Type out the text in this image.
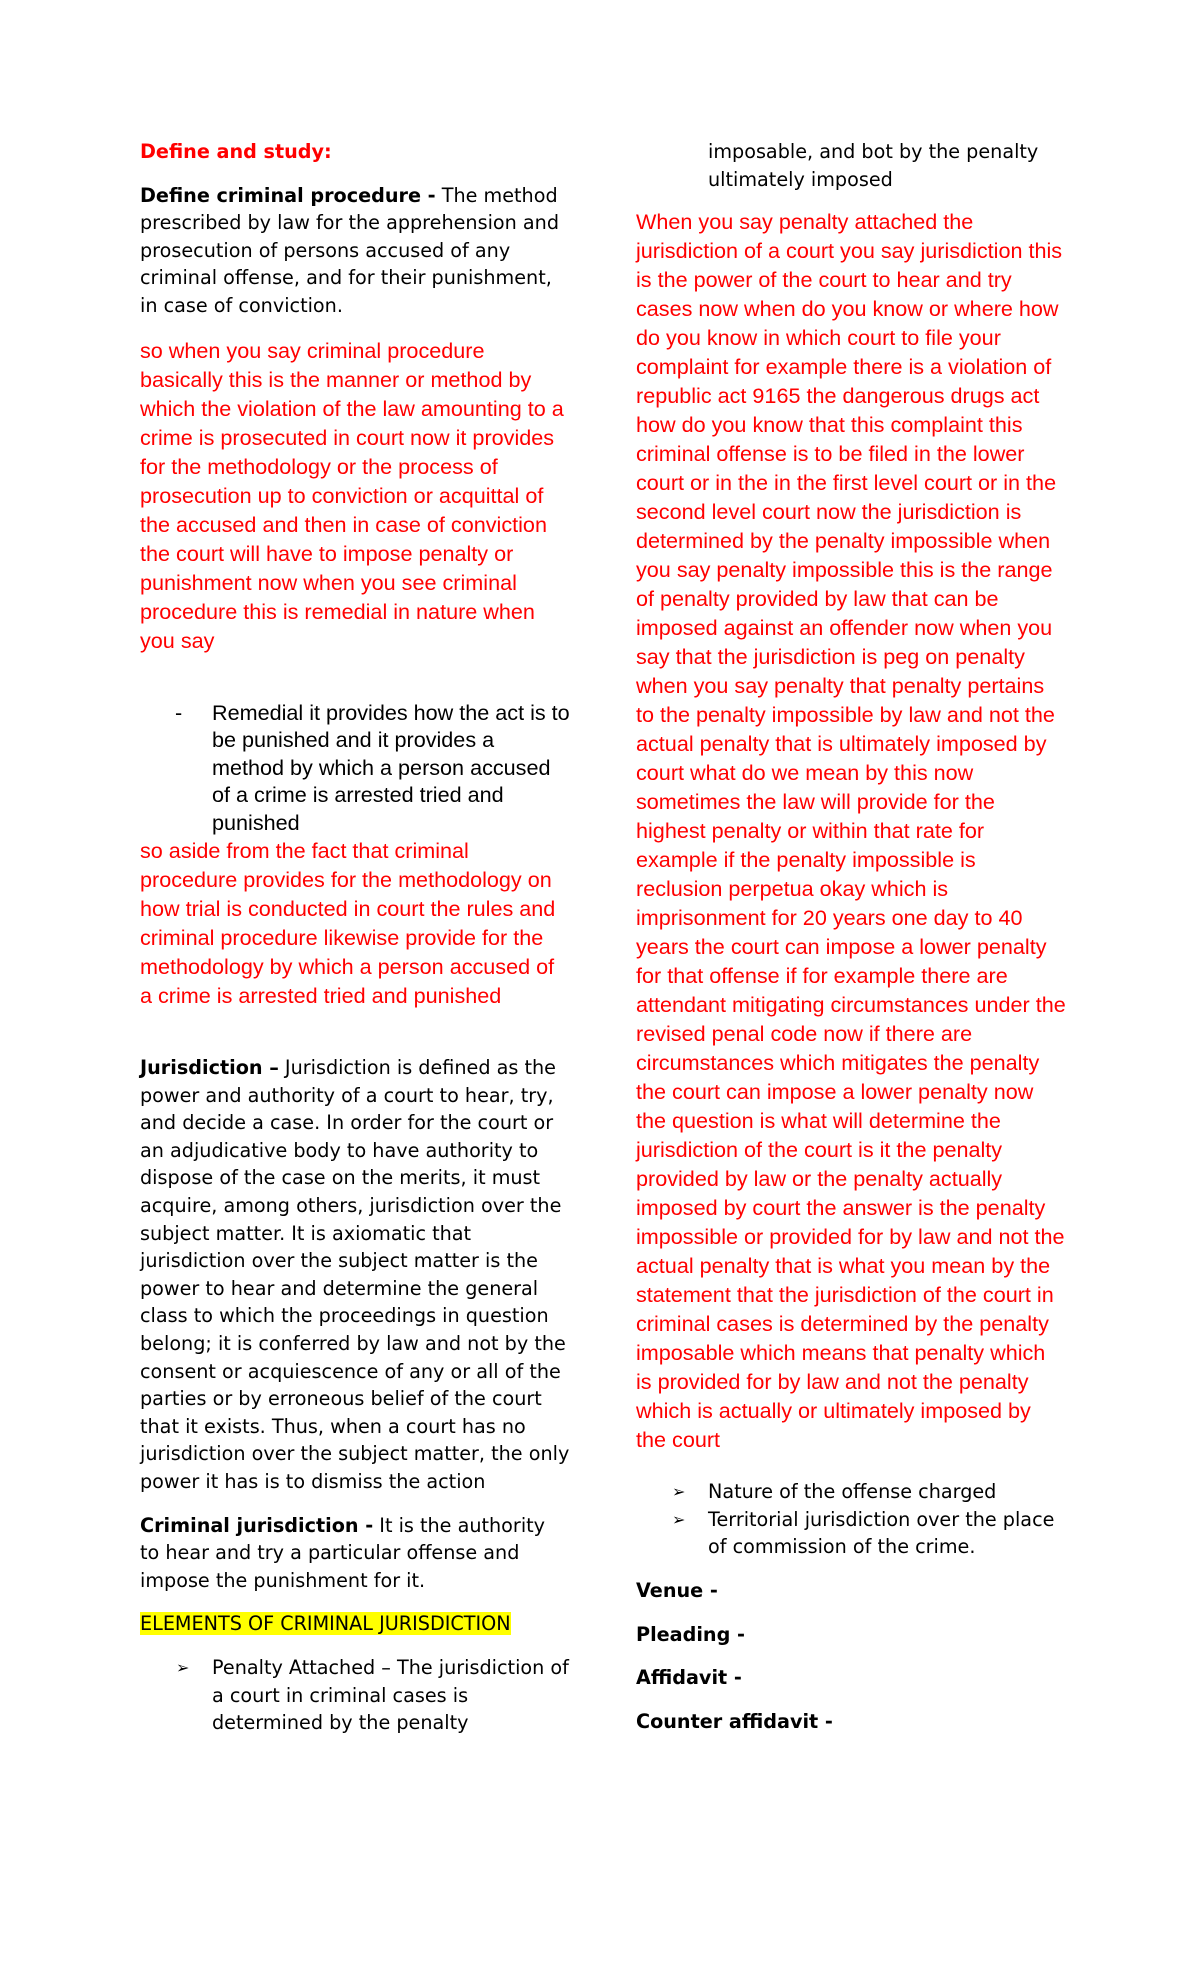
Define and study:

Define criminal procedure - The method prescribed by law for the apprehension and prosecution of persons accused of any criminal offense, and for their punishment, in case of conviction.

so when you say criminal procedure basically this is the manner or method by which the violation of the law amounting to a crime is prosecuted in court now it provides for the methodology or the process of prosecution up to conviction or acquittal of the accused and then in case of conviction the court will have to impose penalty or punishment now when you see criminal procedure this is remedial in nature when you say

- Remedial it provides how the act is to be punished and it provides a method by which a person accused of a crime is arrested tried and punished

so aside from the fact that criminal procedure provides for the methodology on how trial is conducted in court the rules and criminal procedure likewise provide for the methodology by which a person accused of a crime is arrested tried and punished

Jurisdiction – Jurisdiction is defined as the power and authority of a court to hear, try, and decide a case. In order for the court or an adjudicative body to have authority to dispose of the case on the merits, it must acquire, among others, jurisdiction over the subject matter. It is axiomatic that jurisdiction over the subject matter is the power to hear and determine the general class to which the proceedings in question belong; it is conferred by law and not by the consent or acquiescence of any or all of the parties or by erroneous belief of the court that it exists. Thus, when a court has no jurisdiction over the subject matter, the only power it has is to dismiss the action

Criminal jurisdiction - It is the authority to hear and try a particular offense and impose the punishment for it.

ELEMENTS OF CRIMINAL JURISDICTION

➢ Penalty Attached – The jurisdiction of a court in criminal cases is determined by the penalty
imposable, and bot by the penalty ultimately imposed

When you say penalty attached the jurisdiction of a court you say jurisdiction this is the power of the court to hear and try cases now when do you know or where how do you know in which court to file your complaint for example there is a violation of republic act 9165 the dangerous drugs act how do you know that this complaint this criminal offense is to be filed in the lower court or in the in the first level court or in the second level court now the jurisdiction is determined by the penalty impossible when you say penalty impossible this is the range of penalty provided by law that can be imposed against an offender now when you say that the jurisdiction is peg on penalty when you say penalty that penalty pertains to the penalty impossible by law and not the actual penalty that is ultimately imposed by court what do we mean by this now sometimes the law will provide for the highest penalty or within that rate for example if the penalty impossible is reclusion perpetua okay which is imprisonment for 20 years one day to 40 years the court can impose a lower penalty for that offense if for example there are attendant mitigating circumstances under the revised penal code now if there are circumstances which mitigates the penalty the court can impose a lower penalty now the question is what will determine the jurisdiction of the court is it the penalty provided by law or the penalty actually imposed by court the answer is the penalty impossible or provided for by law and not the actual penalty that is what you mean by the statement that the jurisdiction of the court in criminal cases is determined by the penalty imposable which means that penalty which is provided for by law and not the penalty which is actually or ultimately imposed by the court

➢ Nature of the offense charged
➢ Territorial jurisdiction over the place of commission of the crime.

Venue -

Pleading -

Affidavit -

Counter affidavit -
